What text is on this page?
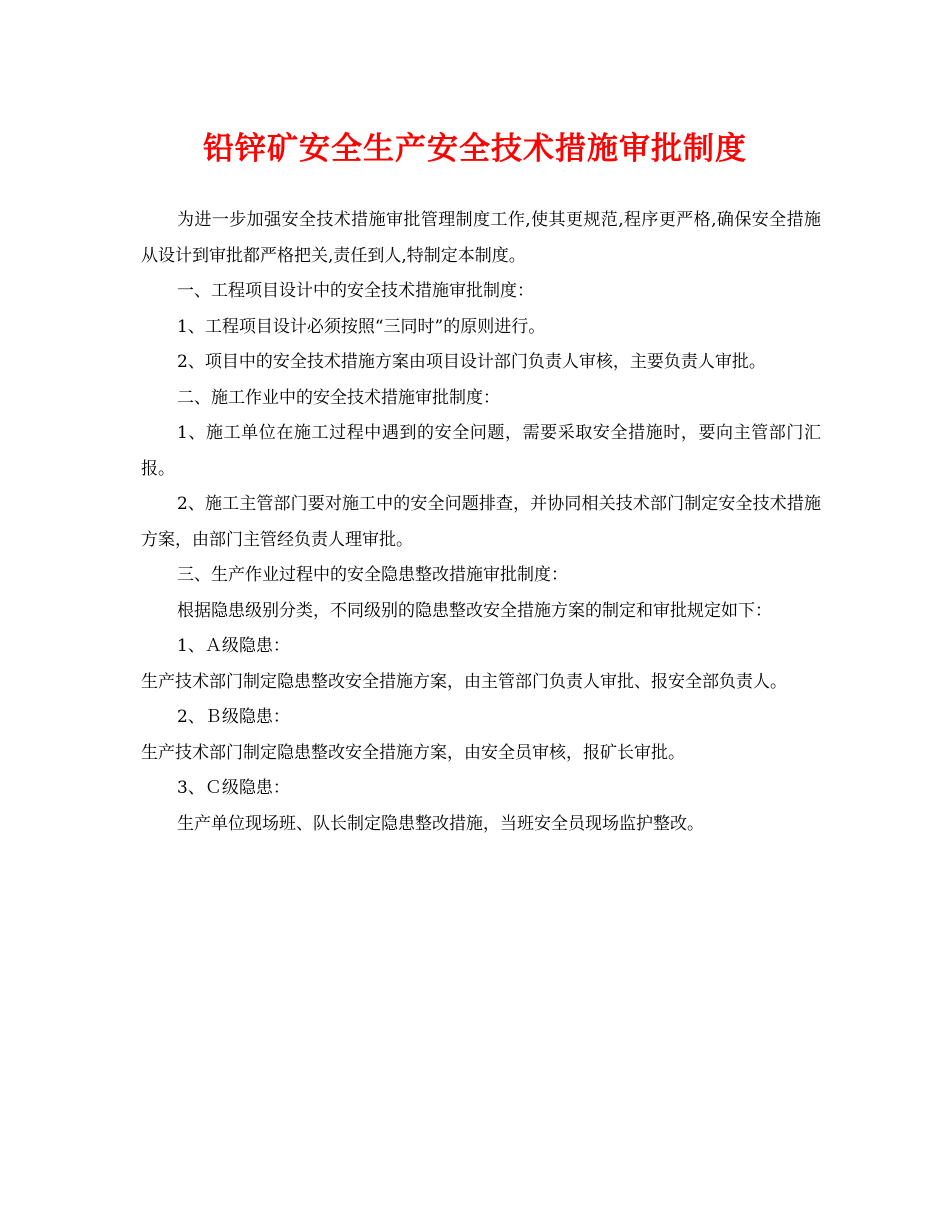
铅锌矿安全生产安全技术措施审批制度

为进一步加强安全技术措施审批管理制度工作,使其更规范,程序更严格,确保安全措施从设计到审批都严格把关,责任到人,特制定本制度。

一、工程项目设计中的安全技术措施审批制度：

1、工程项目设计必须按照“三同时”的原则进行。

2、项目中的安全技术措施方案由项目设计部门负责人审核，主要负责人审批。

二、施工作业中的安全技术措施审批制度：

1、施工单位在施工过程中遇到的安全问题，需要采取安全措施时，要向主管部门汇报。

2、施工主管部门要对施工中的安全问题排查，并协同相关技术部门制定安全技术措施方案，由部门主管经负责人理审批。

三、生产作业过程中的安全隐患整改措施审批制度：

根据隐患级别分类，不同级别的隐患整改安全措施方案的制定和审批规定如下：

1、Ａ级隐患：

生产技术部门制定隐患整改安全措施方案，由主管部门负责人审批、报安全部负责人。

2、Ｂ级隐患：

生产技术部门制定隐患整改安全措施方案，由安全员审核，报矿长审批。

3、Ｃ级隐患：

生产单位现场班、队长制定隐患整改措施，当班安全员现场监护整改。
